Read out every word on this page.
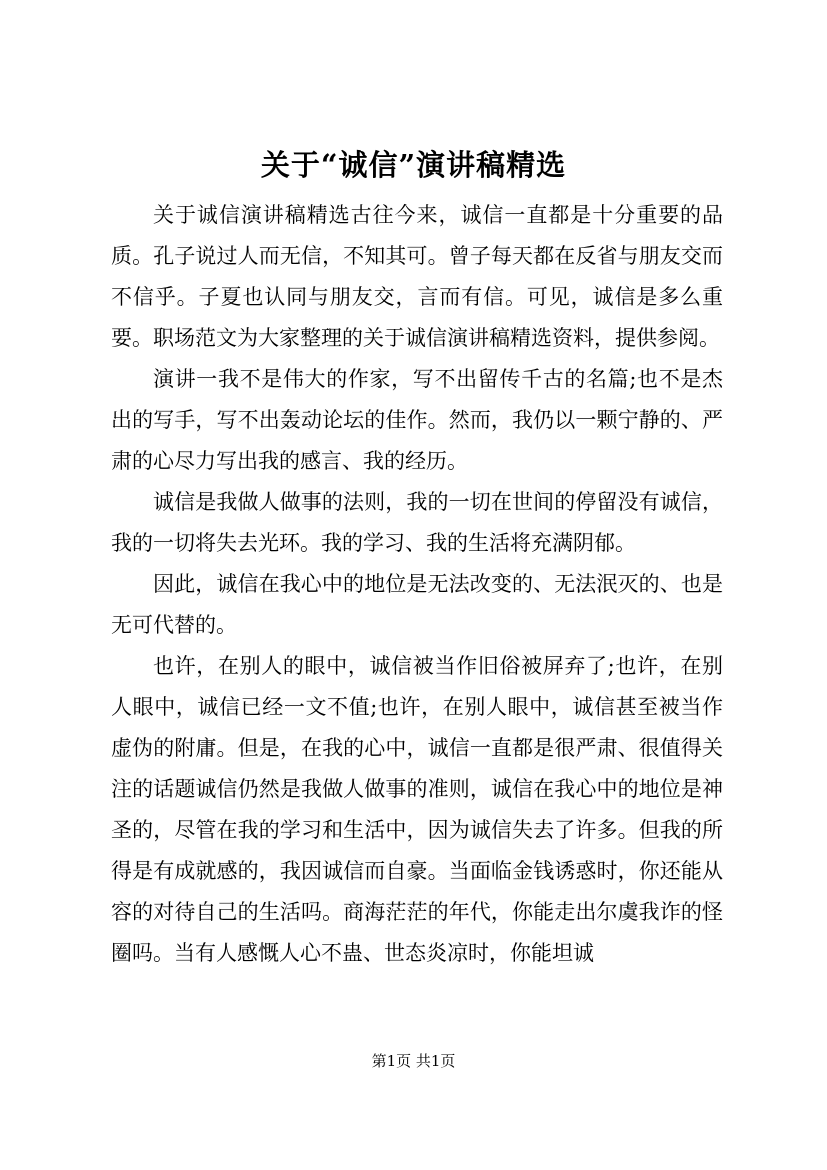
关于“诚信”演讲稿精选

关于诚信演讲稿精选古往今来，诚信一直都是十分重要的品质。孔子说过人而无信，不知其可。曾子每天都在反省与朋友交而不信乎。子夏也认同与朋友交，言而有信。可见，诚信是多么重要。职场范文为大家整理的关于诚信演讲稿精选资料，提供参阅。

演讲一我不是伟大的作家，写不出留传千古的名篇;也不是杰出的写手，写不出轰动论坛的佳作。然而，我仍以一颗宁静的、严肃的心尽力写出我的感言、我的经历。

诚信是我做人做事的法则，我的一切在世间的停留没有诚信，我的一切将失去光环。我的学习、我的生活将充满阴郁。

因此，诚信在我心中的地位是无法改变的、无法泯灭的、也是无可代替的。

也许，在别人的眼中，诚信被当作旧俗被屏弃了;也许，在别人眼中，诚信已经一文不值;也许，在别人眼中，诚信甚至被当作虚伪的附庸。但是，在我的心中，诚信一直都是很严肃、很值得关注的话题诚信仍然是我做人做事的准则，诚信在我心中的地位是神圣的，尽管在我的学习和生活中，因为诚信失去了许多。但我的所得是有成就感的，我因诚信而自豪。当面临金钱诱惑时，你还能从容的对待自己的生活吗。商海茫茫的年代，你能走出尔虞我诈的怪圈吗。当有人感慨人心不蛊、世态炎凉时，你能坦诚

第1页 共1页
